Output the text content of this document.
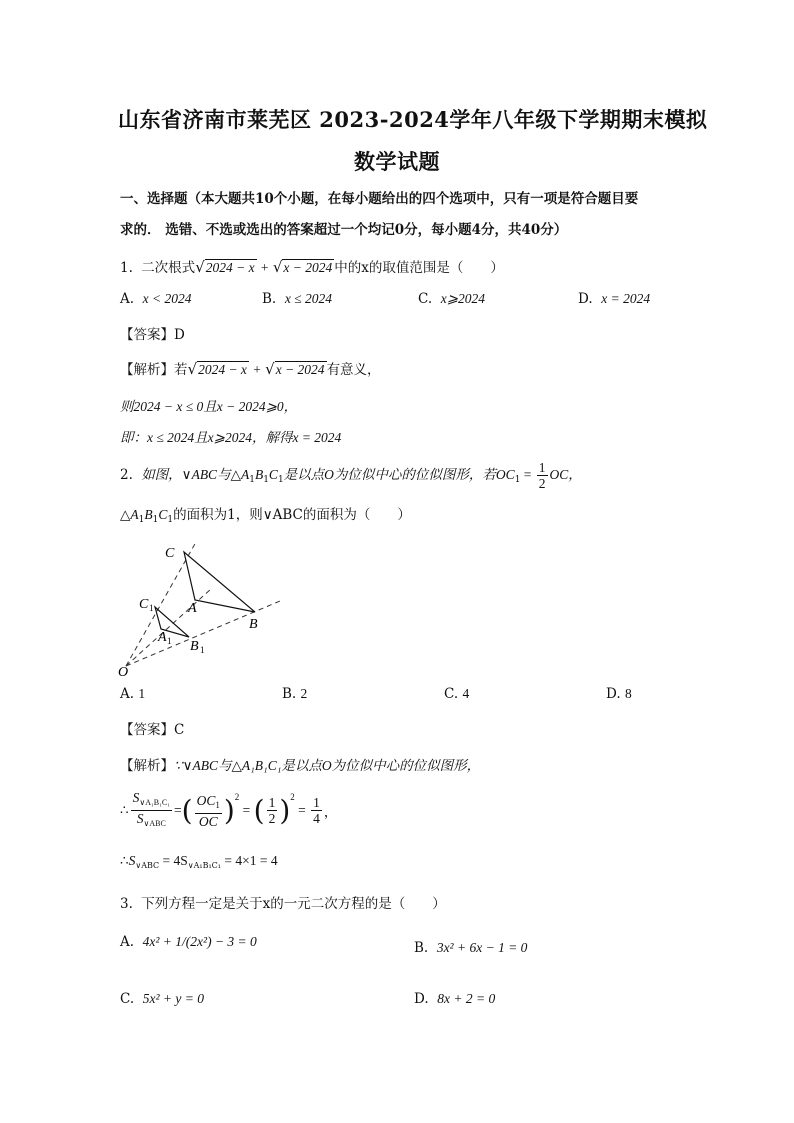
山东省济南市莱芜区 2023-2024学年八年级下学期期末模拟
数学试题
一、选择题（本大题共10个小题，在每小题给出的四个选项中，只有一项是符合题目要
求的． 选错、不选或选出的答案超过一个均记0分，每小题4分，共40分）
1. 二次根式√2024 − x + √x − 2024 中的x的取值范围是（　　）
A. x < 2024	B. x ≤ 2024	C. x⩾2024	D. x = 2024
【答案】D
【解析】若√2024 − x + √x − 2024 有意义，
则2024 − x ≤ 0且x − 2024⩾0，
即：x ≤ 2024且x⩾2024，解得x = 2024
2. 如图，∨ABC与$\triangle A_1B_1C_1$是以点O为位似中心的位似图形，若$OC_1 = \frac{1}{2}$ OC，
$\triangle A_1B_1C_1$的面积为1，则∨ABC的面积为（　　）
C
A
B
C 1
A 1 B 1
O
A. 1	B. 2	C. 4	D. 8
【答案】C
【解析】∵∨ABC与△A₁B₁C₁是以点O为位似中心的位似图形，
∴ $\frac{S_{\vee A_1B_1C_1}}{S_{\vee ABC}}$ =( $\frac{OC_1}{OC} )^2$ = ( $\frac{1}{2} )^2 = \frac{1}{4}$ ，
$\therefore S_{\vee ABC} = 4S_{\vee A_1B_1C_1} = 4\times 1 = 4$
3. 下列方程一定是关于x的一元二次方程的是（　　）
A. 4x² + 1/(2x²) − 3 = 0	B. 3x² + 6x − 1 = 0
C. 5x² + y = 0	D. 8x + 2 = 0
